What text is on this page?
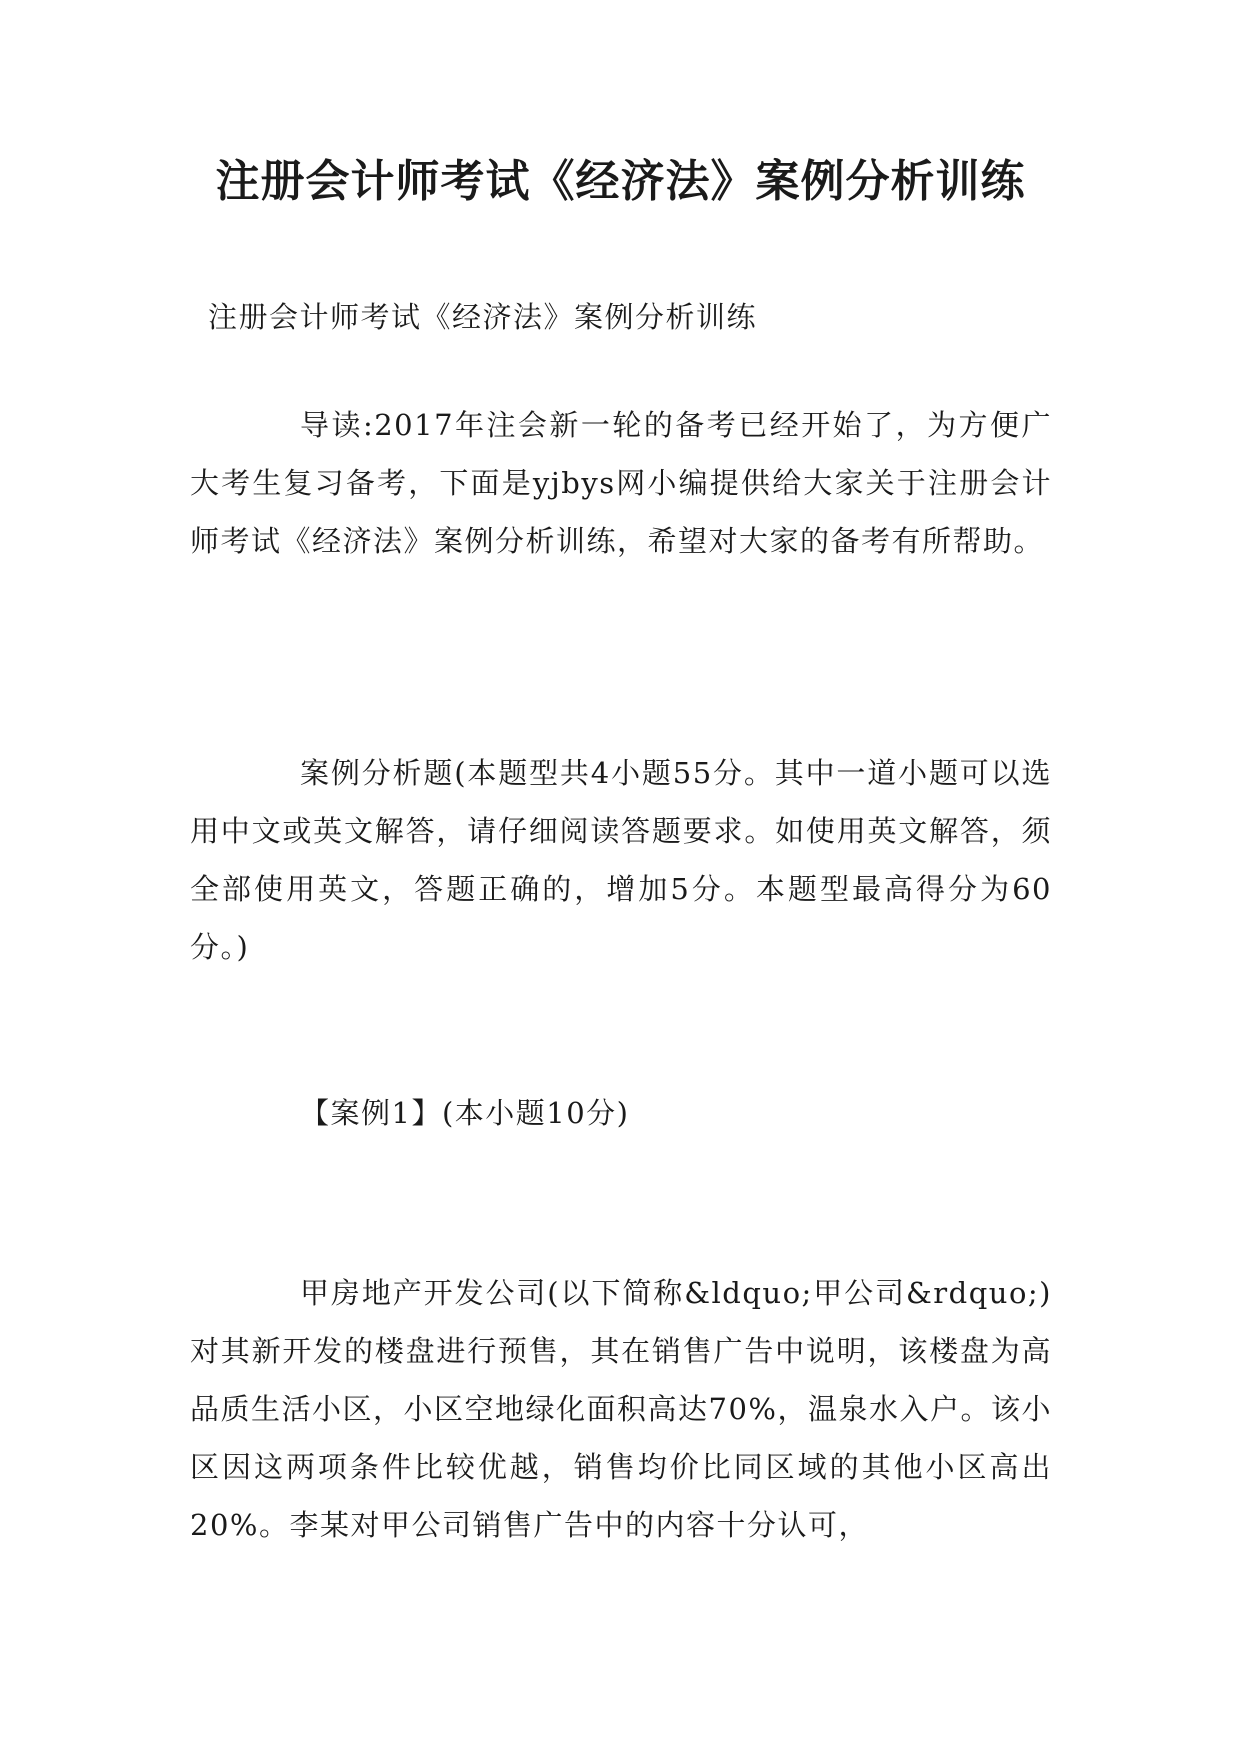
注册会计师考试《经济法》案例分析训练

注册会计师考试《经济法》案例分析训练

导读:2017年注会新一轮的备考已经开始了，为方便广大考生复习备考，下面是yjbys网小编提供给大家关于注册会计师考试《经济法》案例分析训练，希望对大家的备考有所帮助。

案例分析题(本题型共4小题55分。其中一道小题可以选用中文或英文解答，请仔细阅读答题要求。如使用英文解答，须全部使用英文，答题正确的，增加5分。本题型最高得分为60分。)

【案例1】(本小题10分)

甲房地产开发公司(以下简称&ldquo;甲公司&rdquo;)对其新开发的楼盘进行预售，其在销售广告中说明，该楼盘为高品质生活小区，小区空地绿化面积高达70%，温泉水入户。该小区因这两项条件比较优越，销售均价比同区域的其他小区高出20%。李某对甲公司销售广告中的内容十分认可，
